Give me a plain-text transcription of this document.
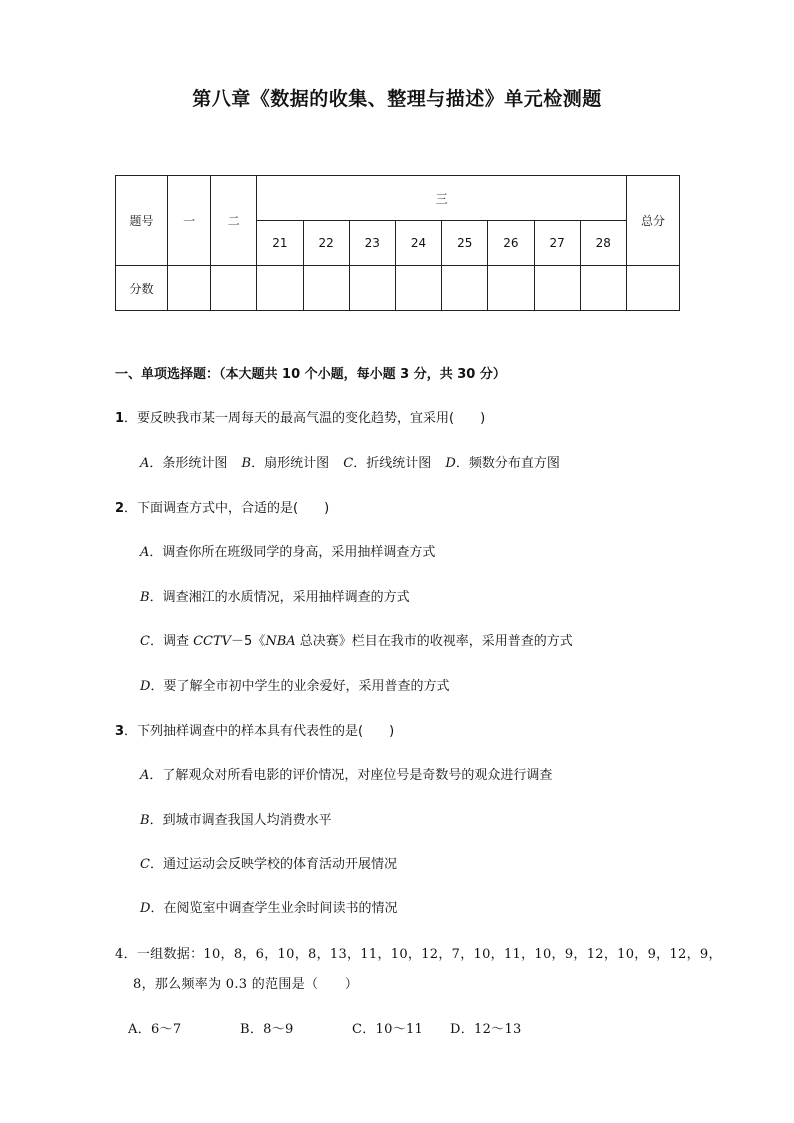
第八章《数据的收集、整理与描述》单元检测题
题号	一	二	三								总分
			21	22	23	24	25	26	27	28	
分数											
一、单项选择题：（本大题共 10 个小题，每小题 3 分，共 30 分）
1．要反映我市某一周每天的最高气温的变化趋势，宜采用(　　)
A．条形统计图 B．扇形统计图 C．折线统计图 D．频数分布直方图
2．下面调查方式中，合适的是(　　)
A．调查你所在班级同学的身高，采用抽样调查方式
B．调查湘江的水质情况，采用抽样调查的方式
C．调查 CCTV－5《NBA 总决赛》栏目在我市的收视率，采用普查的方式
D．要了解全市初中学生的业余爱好，采用普查的方式
3．下列抽样调查中的样本具有代表性的是(　　)
A．了解观众对所看电影的评价情况，对座位号是奇数号的观众进行调查
B．到城市调查我国人均消费水平
C．通过运动会反映学校的体育活动开展情况
D．在阅览室中调查学生业余时间读书的情况
4．一组数据：10，8，6，10，8，13，11，10，12，7，10，11，10，9，12，10，9，12，9，
8，那么频率为 0.3 的范围是（　　）
A．6～7	B．8～9	C．10～11 D．12～13
